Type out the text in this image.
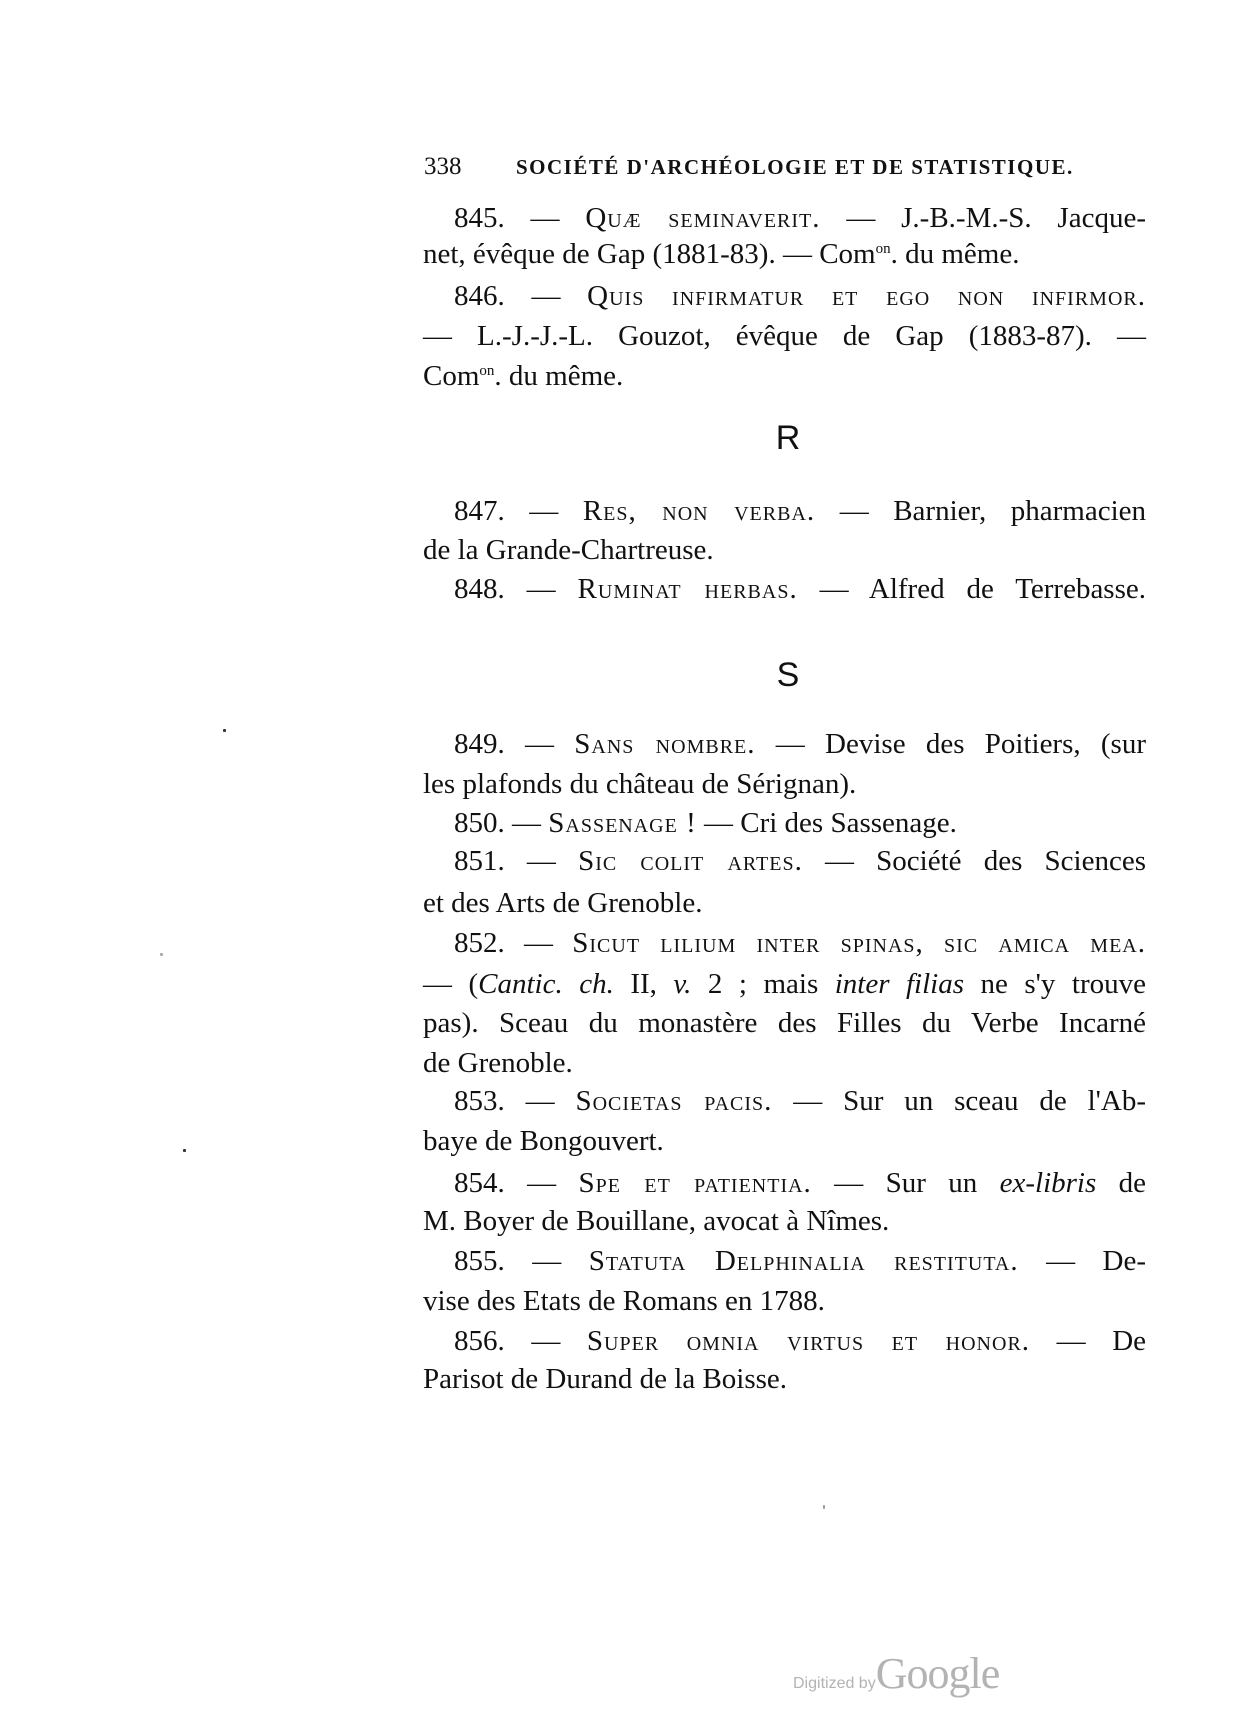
338	SOCIÉTÉ D'ARCHÉOLOGIE ET DE STATISTIQUE.
845. — Quæ seminaverit. — J.-B.-M.-S. Jacque-
net, évêque de Gap (1881-83). — Com$^{on}$. du même.
846. — Quis infirmatur et ego non infirmor.
— L.-J.-J.-L. Gouzot, évêque de Gap (1883-87). —
Com$^{on}$. du même.
R
847. — Res, non verba. — Barnier, pharmacien
de la Grande-Chartreuse.
848. — Ruminat herbas. — Alfred de Terrebasse.
S
849. — Sans nombre. — Devise des Poitiers, (sur
les plafonds du château de Sérignan).
850. — Sassenage ! — Cri des Sassenage.
851. — Sic colit artes. — Société des Sciences
et des Arts de Grenoble.
852. — Sicut lilium inter spinas, sic amica mea.
— (Cantic. ch. II, v. 2 ; mais inter filias ne s'y trouve
pas). Sceau du monastère des Filles du Verbe Incarné
de Grenoble.
853. — Societas pacis. — Sur un sceau de l'Ab-
baye de Bongouvert.
854. — Spe et patientia. — Sur un ex-libris de
M. Boyer de Bouillane, avocat à Nîmes.
855. — Statuta Delphinalia restituta. — De-
vise des Etats de Romans en 1788.
856. — Super omnia virtus et honor. — De
Parisot de Durand de la Boisse.
Digitized byGoogle
